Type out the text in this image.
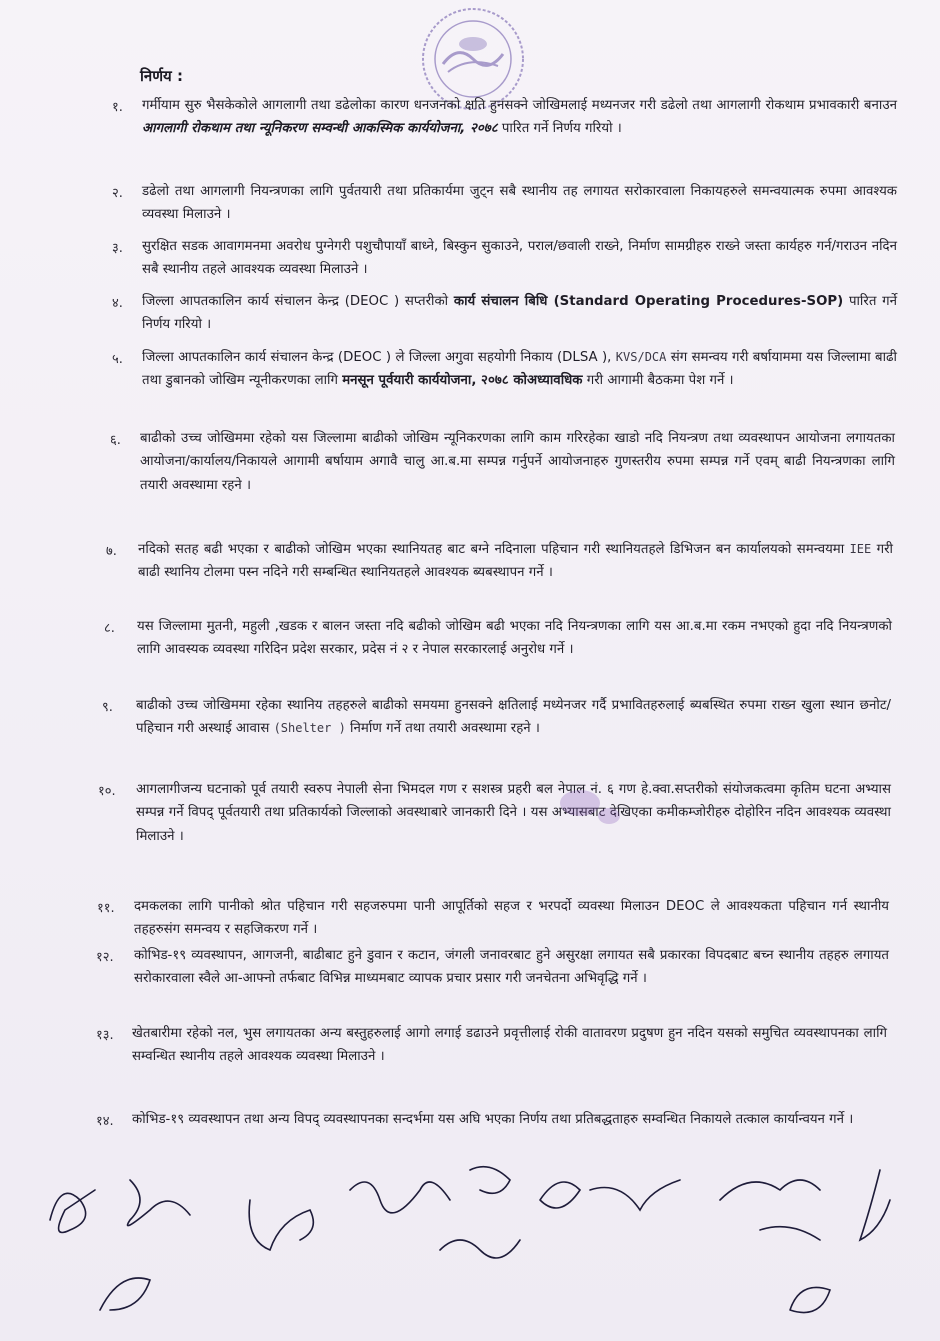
निर्णय :
१. गर्मीयाम सुरु भैसकेकोले आगलागी तथा डढेलोका कारण धनजनको क्षति हुनसक्ने जोखिमलाई मध्यनजर गरी डढेलो तथा आगलागी रोकथाम प्रभावकारी बनाउन आगलागी रोकथाम तथा न्यूनिकरण सम्वन्धी आकस्मिक कार्ययोजना, २०७८ पारित गर्ने निर्णय गरियो ।
२. डढेलो तथा आगलागी नियन्त्रणका लागि पुर्वतयारी तथा प्रतिकार्यमा जुट्न सबै स्थानीय तह लगायत सरोकारवाला निकायहरुले समन्वयात्मक रुपमा आवश्यक व्यवस्था मिलाउने ।
३. सुरक्षित सडक आवागमनमा अवरोध पुग्नेगरी पशुचौपायाँ बाध्ने, बिस्कुन सुकाउने, पराल/छवाली राख्ने, निर्माण सामग्रीहरु राख्ने जस्ता कार्यहरु गर्न/गराउन नदिन सबै स्थानीय तहले आवश्यक व्यवस्था मिलाउने ।
४. जिल्ला आपतकालिन कार्य संचालन केन्द्र (DEOC ) सप्तरीको कार्य संचालन बिधि (Standard Operating Procedures-SOP) पारित गर्ने निर्णय गरियो ।
५. जिल्ला आपतकालिन कार्य संचालन केन्द्र (DEOC ) ले जिल्ला अगुवा सहयोगी निकाय (DLSA ), KVS/DCA संग समन्वय गरी बर्षायाममा यस जिल्लामा बाढी तथा डुबानको जोखिम न्यूनीकरणका लागि मनसून पूर्वयारी कार्ययोजना, २०७८ कोअध्यावधिक गरी आगामी बैठकमा पेश गर्ने ।
६. बाढीको उच्च जोखिममा रहेको यस जिल्लामा बाढीको जोखिम न्यूनिकरणका लागि काम गरिरहेका खाडो नदि नियन्त्रण तथा व्यवस्थापन आयोजना लगायतका आयोजना/कार्यालय/निकायले आगामी बर्षायाम अगावै चालु आ.ब.मा सम्पन्न गर्नुपर्ने आयोजनाहरु गुणस्तरीय रुपमा सम्पन्न गर्ने एवम् बाढी नियन्त्रणका लागि तयारी अवस्थामा रहने ।
७. नदिको सतह बढी भएका र बाढीको जोखिम भएका स्थानियतह बाट बग्ने नदिनाला पहिचान गरी स्थानियतहले डिभिजन बन कार्यालयको समन्वयमा IEE गरी बाढी स्थानिय टोलमा पस्न नदिने गरी सम्बन्धित स्थानियतहले आवश्यक ब्यबस्थापन गर्ने ।
८. यस जिल्लामा मुतनी, महुली ,खडक र बालन जस्ता नदि बढीको जोखिम बढी भएका नदि नियन्त्रणका लागि यस आ.ब.मा रकम नभएको हुदा नदि नियन्त्रणको लागि आवस्यक व्यवस्था गरिदिन प्रदेश सरकार, प्रदेस नं २ र नेपाल सरकारलाई अनुरोध गर्ने ।
९. बाढीको उच्च जोखिममा रहेका स्थानिय तहहरुले बाढीको समयमा हुनसक्ने क्षतिलाई मध्येनजर गर्दै प्रभावितहरुलाई ब्यबस्थित रुपमा राख्न खुला स्थान छनोट/पहिचान गरी अस्थाई आवास (Shelter ) निर्माण गर्ने तथा तयारी अवस्थामा रहने ।
१०. आगलागीजन्य घटनाको पूर्व तयारी स्वरुप नेपाली सेना भिमदल गण र सशस्त्र प्रहरी बल नेपाल नं. ६ गण हे.क्वा.सप्तरीको संयोजकत्वमा कृतिम घटना अभ्यास सम्पन्न गर्ने विपद् पूर्वतयारी तथा प्रतिकार्यको जिल्लाको अवस्थाबारे जानकारी दिने । यस अभ्यासबाट देखिएका कमीकम्जोरीहरु दोहोरिन नदिन आवश्यक व्यवस्था मिलाउने ।
११. दमकलका लागि पानीको श्रोत पहिचान गरी सहजरुपमा पानी आपूर्तिको सहज र भरपर्दो व्यवस्था मिलाउन DEOC ले आवश्यकता पहिचान गर्न स्थानीय तहहरुसंग समन्वय र सहजिकरण गर्ने ।
१२. कोभिड-१९ व्यवस्थापन, आगजनी, बाढीबाट हुने डुवान र कटान, जंगली जनावरबाट हुने असुरक्षा लगायत सबै प्रकारका विपदबाट बच्न स्थानीय तहहरु लगायत सरोकारवाला स्वैले आ-आफ्नो तर्फबाट विभिन्न माध्यमबाट व्यापक प्रचार प्रसार गरी जनचेतना अभिवृद्धि गर्ने ।
१३. खेतबारीमा रहेको नल, भुस लगायतका अन्य बस्तुहरुलाई आगो लगाई डढाउने प्रवृत्तीलाई रोकी वातावरण प्रदुषण हुन नदिन यसको समुचित व्यवस्थापनका लागि सम्वन्धित स्थानीय तहले आवश्यक व्यवस्था मिलाउने ।
१४. कोभिड-१९ व्यवस्थापन तथा अन्य विपद् व्यवस्थापनका सन्दर्भमा यस अघि भएका निर्णय तथा प्रतिबद्धताहरु सम्वन्धित निकायले तत्काल कार्यान्वयन गर्ने ।
